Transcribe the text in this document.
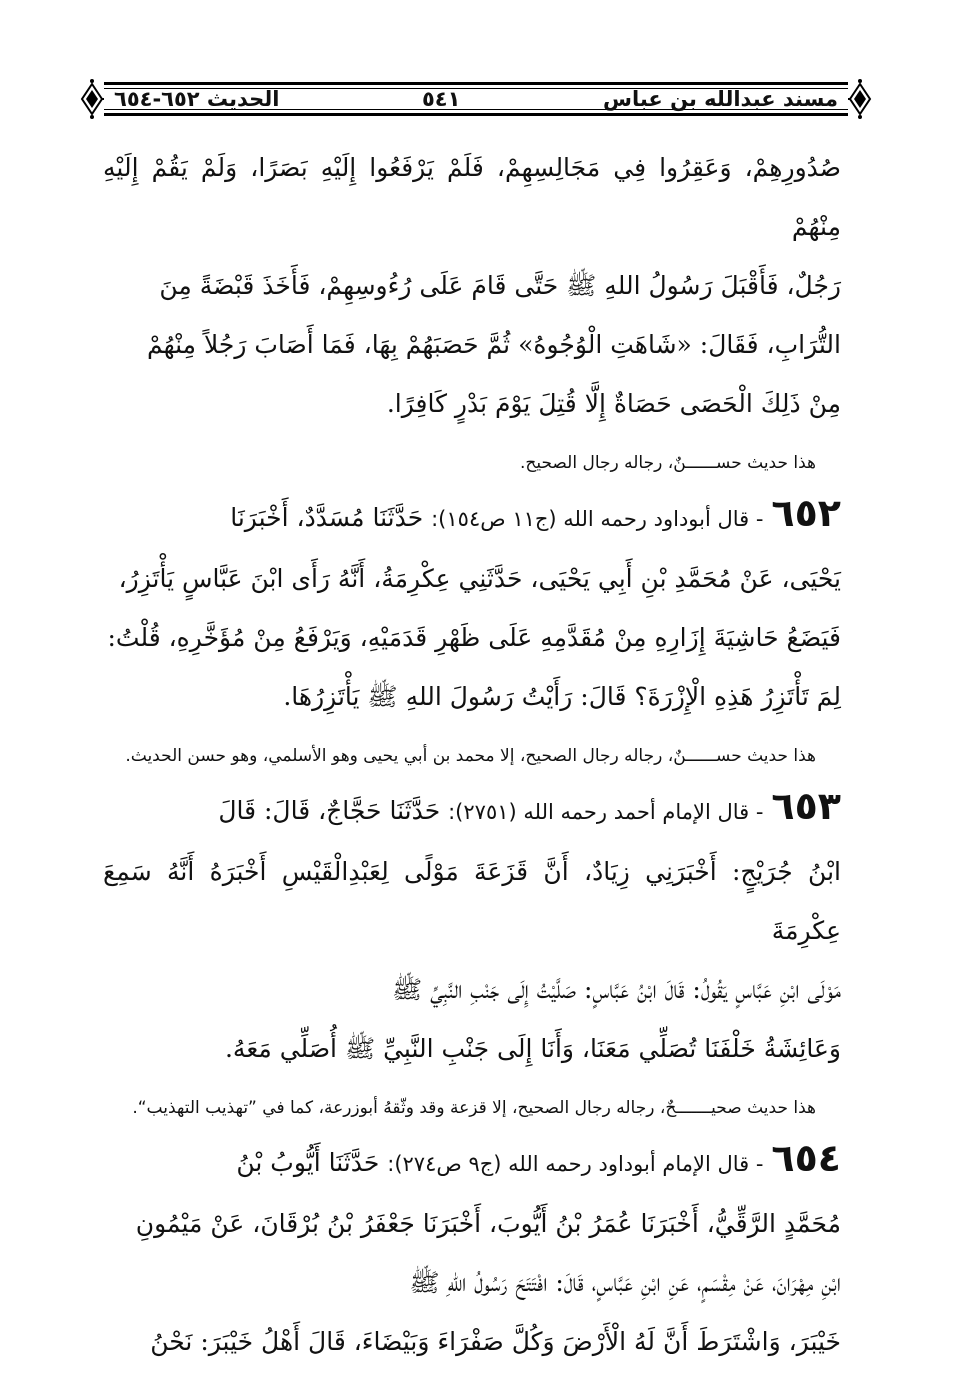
الحديث ٦٥٢-٦٥٤	٥٤١	مسند عبدالله بن عباس

صُدُورِهِمْ، وَعَقِرُوا فِي مَجَالِسِهِمْ، فَلَمْ يَرْفَعُوا إِلَيْهِ بَصَرًا، وَلَمْ يَقُمْ إِلَيْهِ مِنْهُمْ
رَجُلٌ، فَأَقْبَلَ رَسُولُ اللهِ ﷺ حَتَّى قَامَ عَلَى رُءُوسِهِمْ، فَأَخَذَ قَبْضَةً مِنَ
التُّرَابِ، فَقَالَ: «شَاهَتِ الْوُجُوهُ» ثُمَّ حَصَبَهُمْ بِهَا، فَمَا أَصَابَ رَجُلاً مِنْهُمْ
مِنْ ذَلِكَ الْحَصَى حَصَاةٌ إِلَّا قُتِلَ يَوْمَ بَدْرٍ كَافِرًا.

هذا حديث حســــــنٌ، رجاله رجال الصحيح.

٦٥٢ - قال أبوداود رحمه الله (ج١١ ص١٥٤): حَدَّثَنَا مُسَدَّدٌ، أَخْبَرَنَا
يَحْيَى، عَنْ مُحَمَّدِ بْنِ أَبِي يَحْيَى، حَدَّثَنِي عِكْرِمَةُ، أَنَّهُ رَأَى ابْنَ عَبَّاسٍ يَأْتَزِرُ،
فَيَضَعُ حَاشِيَةَ إِزَارِهِ مِنْ مُقَدَّمِهِ عَلَى ظَهْرِ قَدَمَيْهِ، وَيَرْفَعُ مِنْ مُؤَخَّرِهِ، قُلْتُ:
لِمَ تَأْتَزِرُ هَذِهِ الْإِزْرَةَ؟ قَالَ: رَأَيْتُ رَسُولَ اللهِ ﷺ يَأْتَزِرُهَا.

هذا حديث حســــــنٌ، رجاله رجال الصحيح، إلا محمد بن أبي يحيى وهو الأسلمي، وهو حسن الحديث.

٦٥٣ - قال الإمام أحمد رحمه الله (٢٧٥١): حَدَّثَنَا حَجَّاجٌ، قَالَ: قَالَ
ابْنُ جُرَيْجٍ: أَخْبَرَنِي زِيَادٌ، أَنَّ قَزَعَةَ مَوْلًى لِعَبْدِالْقَيْسِ أَخْبَرَهُ أَنَّهُ سَمِعَ عِكْرِمَةَ
مَوْلَى ابْنِ عَبَّاسٍ يَقُولُ: قَالَ ابْنُ عَبَّاسٍ: صَلَّيْتُ إِلَى جَنْبِ النَّبِيِّ ﷺ
وَعَائِشَةُ خَلْفَنَا تُصَلِّي مَعَنَا، وَأَنَا إِلَى جَنْبِ النَّبِيِّ ﷺ أُصَلِّي مَعَهُ.

هذا حديث صحيـــــــحٌ، رجاله رجال الصحيح، إلا قزعة وقد وثّقهُ أبوزرعة، كما في ”تهذيب التهذيب“.

٦٥٤ - قال الإمام أبوداود رحمه الله (ج٩ ص٢٧٤): حَدَّثَنَا أَيُّوبُ بْنُ
مُحَمَّدٍ الرَّقِّيُّ، أَخْبَرَنَا عُمَرُ بْنُ أَيُّوبَ، أَخْبَرَنَا جَعْفَرُ بْنُ بُرْقَانَ، عَنْ مَيْمُونِ
ابْنِ مِهْرَانَ، عَنْ مِقْسَمٍ، عَنِ ابْنِ عَبَّاسٍ، قَالَ: افْتَتَحَ رَسُولُ اللهِ ﷺ
خَيْبَرَ، وَاشْتَرَطَ أَنَّ لَهُ الْأَرْضَ وَكُلَّ صَفْرَاءَ وَبَيْضَاءَ، قَالَ أَهْلُ خَيْبَرَ: نَحْنُ
